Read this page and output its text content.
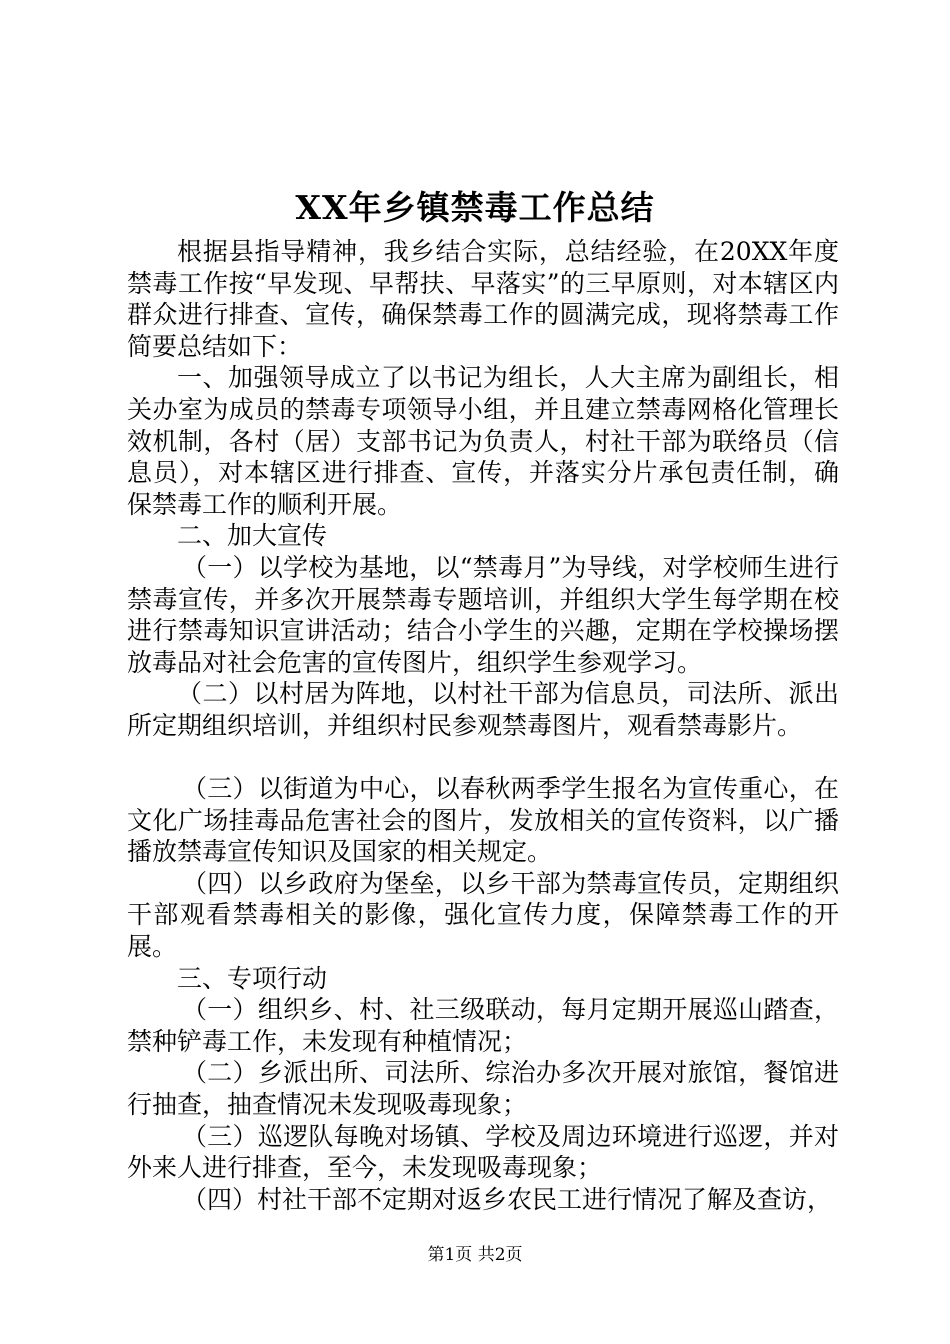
XX年乡镇禁毒工作总结

根据县指导精神，我乡结合实际，总结经验，在20XX年度禁毒工作按“早发现、早帮扶、早落实”的三早原则，对本辖区内群众进行排查、宣传，确保禁毒工作的圆满完成，现将禁毒工作简要总结如下：

一、加强领导成立了以书记为组长，人大主席为副组长，相关办室为成员的禁毒专项领导小组，并且建立禁毒网格化管理长效机制，各村（居）支部书记为负责人，村社干部为联络员（信息员），对本辖区进行排查、宣传，并落实分片承包责任制，确保禁毒工作的顺利开展。

二、加大宣传

（一）以学校为基地，以“禁毒月”为导线，对学校师生进行禁毒宣传，并多次开展禁毒专题培训，并组织大学生每学期在校进行禁毒知识宣讲活动；结合小学生的兴趣，定期在学校操场摆放毒品对社会危害的宣传图片，组织学生参观学习。

（二）以村居为阵地，以村社干部为信息员，司法所、派出所定期组织培训，并组织村民参观禁毒图片，观看禁毒影片。

（三）以街道为中心，以春秋两季学生报名为宣传重心，在文化广场挂毒品危害社会的图片，发放相关的宣传资料，以广播播放禁毒宣传知识及国家的相关规定。

（四）以乡政府为堡垒，以乡干部为禁毒宣传员，定期组织干部观看禁毒相关的影像，强化宣传力度，保障禁毒工作的开展。

三、专项行动

（一）组织乡、村、社三级联动，每月定期开展巡山踏查，禁种铲毒工作，未发现有种植情况；

（二）乡派出所、司法所、综治办多次开展对旅馆，餐馆进行抽查，抽查情况未发现吸毒现象；

（三）巡逻队每晚对场镇、学校及周边环境进行巡逻，并对外来人进行排查，至今，未发现吸毒现象；

（四）村社干部不定期对返乡农民工进行情况了解及查访，

第1页 共2页
